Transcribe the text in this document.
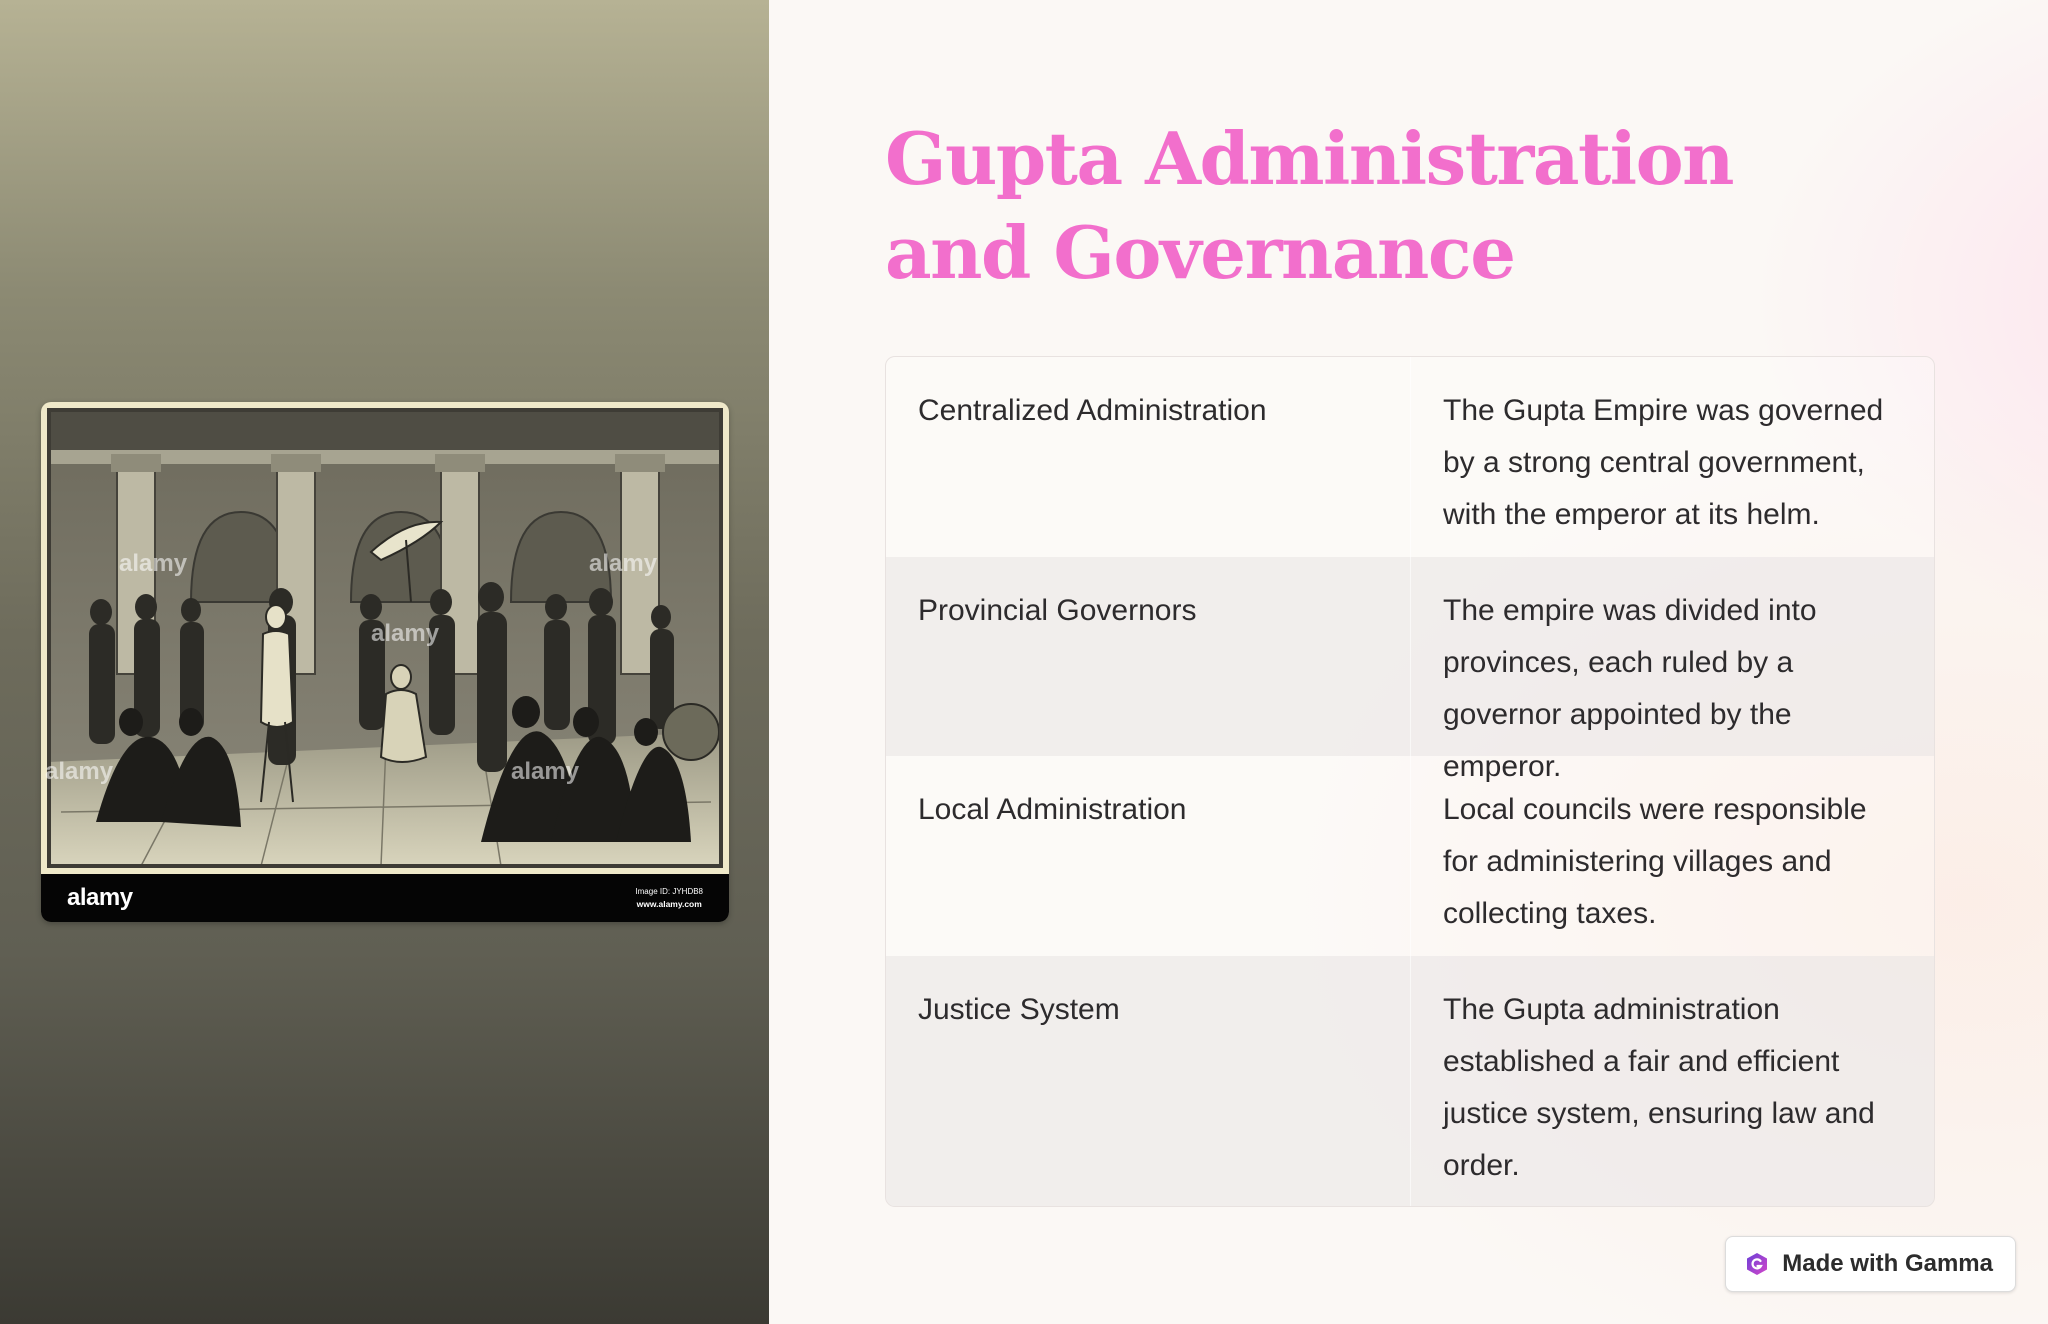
alamy	alamy
alamy
alamy	alamy
alamy	Image ID: JYHDB8
www.alamy.com
Gupta Administration and Governance
Centralized Administration	The Gupta Empire was governed by a strong central government, with the emperor at its helm.
Provincial Governors	The empire was divided into provinces, each ruled by a governor appointed by the emperor.
Local Administration	Local councils were responsible for administering villages and collecting taxes.
Justice System	The Gupta administration established a fair and efficient justice system, ensuring law and order.
Made with Gamma
